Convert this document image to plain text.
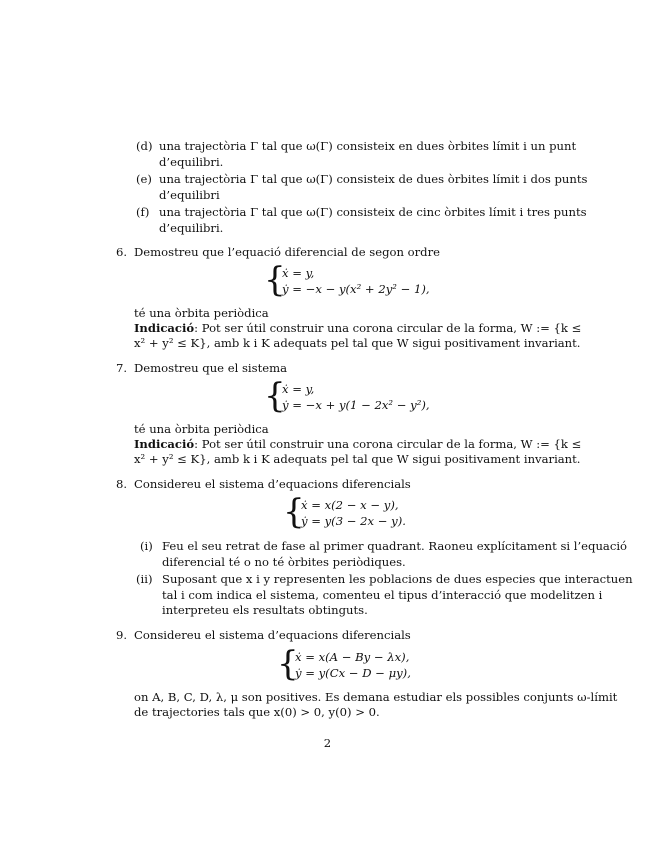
(d) una trajectòria Γ tal que ω(Γ) consisteix en dues òrbites límit i un punt
d’equilibri.
(e) una trajectòria Γ tal que ω(Γ) consisteix de dues òrbites límit i dos punts
d’equilibri
(f) una trajectòria Γ tal que ω(Γ) consisteix de cinc òrbites límit i tres punts
d’equilibri.
6. Demostreu que l’equació diferencial de segon ordre
{
ẋ = y,
ẏ = −x − y(x² + 2y² − 1),
té una òrbita periòdica
Indicació: Pot ser útil construir una corona circular de la forma, W := {k ≤
x² + y² ≤ K}, amb k i K adequats pel tal que W sigui positivament invariant.
7. Demostreu que el sistema
{
ẋ = y,
ẏ = −x + y(1 − 2x² − y²),
té una òrbita periòdica
Indicació: Pot ser útil construir una corona circular de la forma, W := {k ≤
x² + y² ≤ K}, amb k i K adequats pel tal que W sigui positivament invariant.
8. Considereu el sistema d’equacions diferencials
{
ẋ = x(2 − x − y),
ẏ = y(3 − 2x − y).
(i) Feu el seu retrat de fase al primer quadrant. Raoneu explícitament si l’equació
diferencial té o no té òrbites periòdiques.
(ii) Suposant que x i y representen les poblacions de dues especies que interactuen
tal i com indica el sistema, comenteu el tipus d’interacció que modelitzen i
interpreteu els resultats obtinguts.
9. Considereu el sistema d’equacions diferencials
{
ẋ = x(A − By − λx),
ẏ = y(Cx − D − μy),
on A, B, C, D, λ, μ son positives. Es demana estudiar els possibles conjunts ω-límit
de trajectories tals que x(0) > 0, y(0) > 0.
2
